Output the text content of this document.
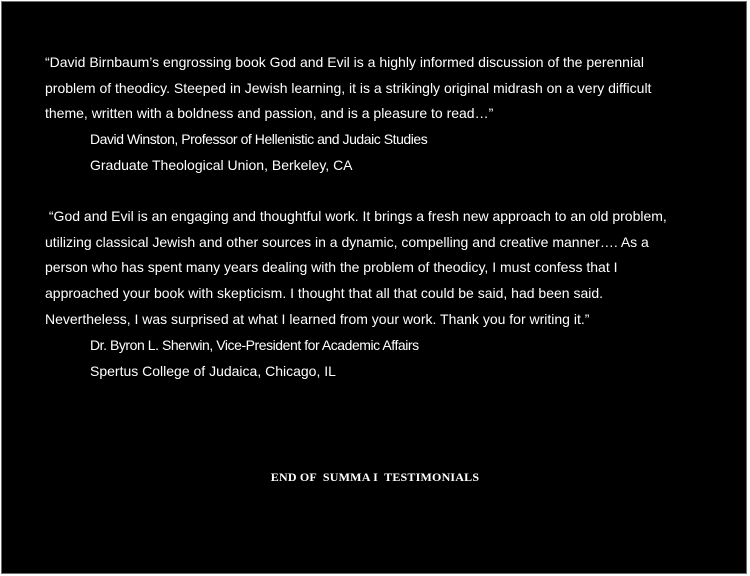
“David Birnbaum’s engrossing book God and Evil is a highly informed discussion of the perennial
problem of theodicy. Steeped in Jewish learning, it is a strikingly original midrash on a very difficult
theme, written with a boldness and passion, and is a pleasure to read…”
David Winston, Professor of Hellenistic and Judaic Studies
Graduate Theological Union, Berkeley, CA
“God and Evil is an engaging and thoughtful work. It brings a fresh new approach to an old problem,
utilizing classical Jewish and other sources in a dynamic, compelling and creative manner…. As a
person who has spent many years dealing with the problem of theodicy, I must confess that I
approached your book with skepticism. I thought that all that could be said, had been said.
Nevertheless, I was surprised at what I learned from your work. Thank you for writing it.”
Dr. Byron L. Sherwin, Vice-President for Academic Affairs
Spertus College of Judaica, Chicago, IL
END OF  SUMMA I  TESTIMONIALS
